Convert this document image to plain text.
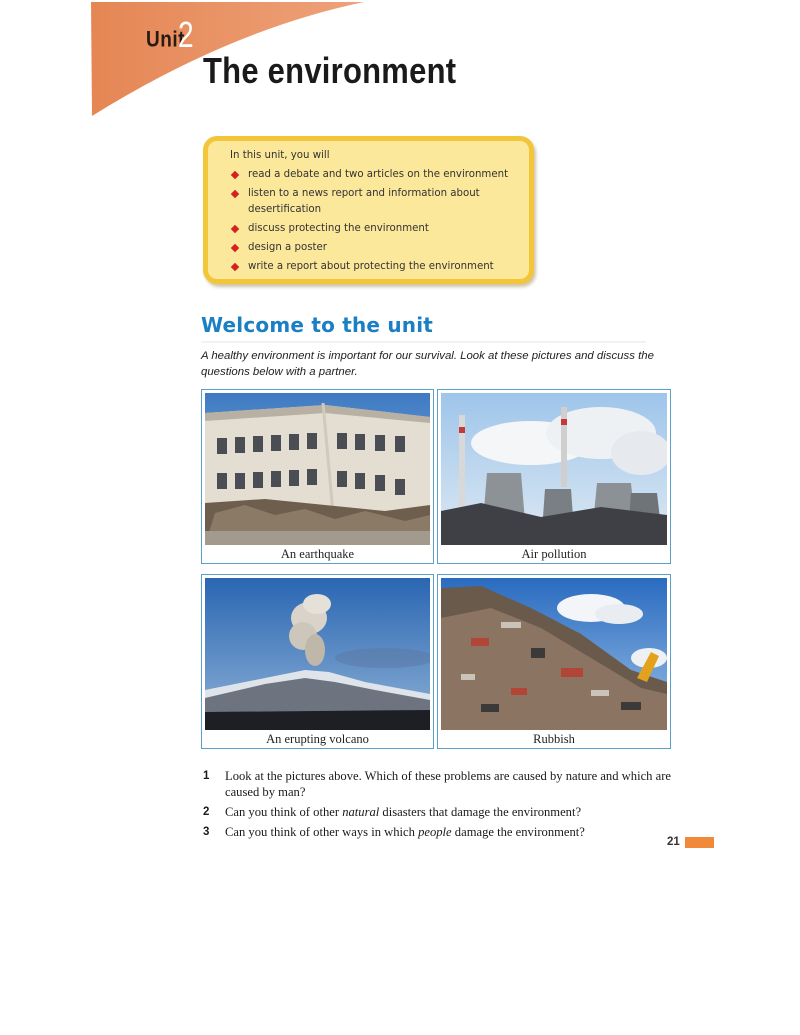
Unit
2
The environment
In this unit, you will
read a debate and two articles on the environment
listen to a news report and information about desertification
discuss protecting the environment
design a poster
write a report about protecting the environment
Welcome to the unit
A healthy environment is important for our survival. Look at these pictures and discuss the questions below with a partner.
An earthquake	Air pollution
An erupting volcano	Rubbish
1 Look at the pictures above. Which of these problems are caused by nature and which are caused by man?
2 Can you think of other natural disasters that damage the environment?
3 Can you think of other ways in which people damage the environment?
21
